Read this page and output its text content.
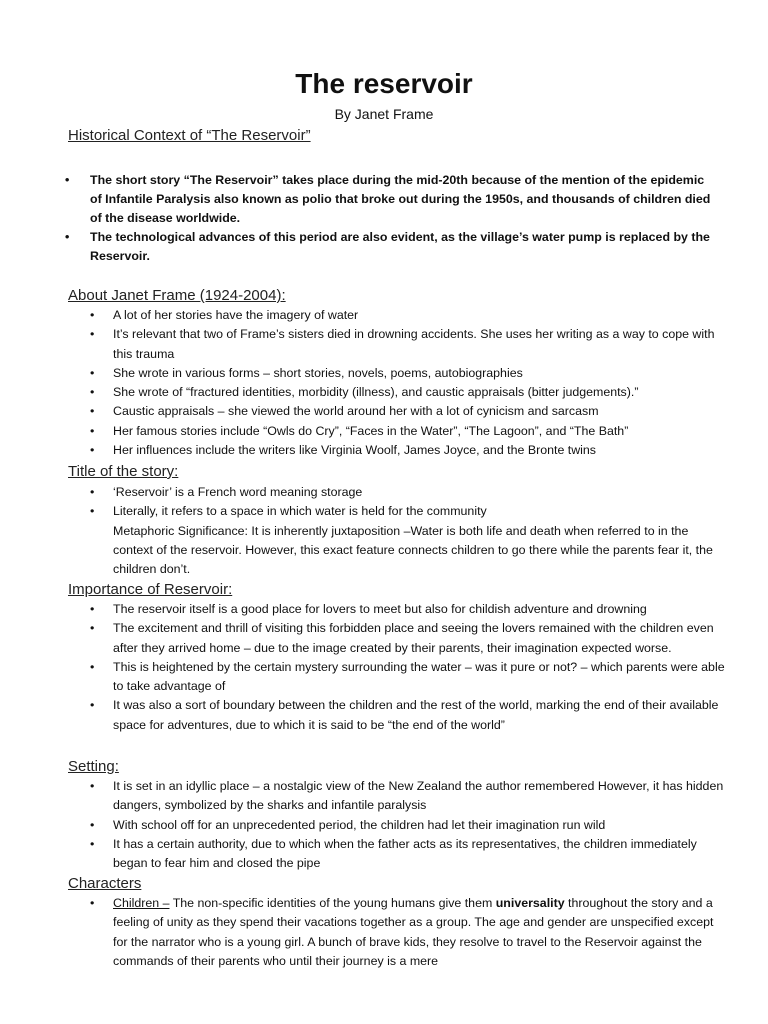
The reservoir
By Janet Frame
Historical Context of “The Reservoir”
• The short story “The Reservoir” takes place during the mid-20th because of the mention of the epidemic of Infantile Paralysis also known as polio that broke out during the 1950s, and thousands of children died of the disease worldwide.
• The technological advances of this period are also evident, as the village’s water pump is replaced by the Reservoir.
About Janet Frame (1924-2004):
• A lot of her stories have the imagery of water
• It’s relevant that two of Frame’s sisters died in drowning accidents. She uses her writing as a way to cope with this trauma
• She wrote in various forms – short stories, novels, poems, autobiographies
• She wrote of “fractured identities, morbidity (illness), and caustic appraisals (bitter judgements).”
• Caustic appraisals – she viewed the world around her with a lot of cynicism and sarcasm
• Her famous stories include “Owls do Cry”, “Faces in the Water”, “The Lagoon”, and “The Bath”
• Her influences include the writers like Virginia Woolf, James Joyce, and the Bronte twins
Title of the story:
• ‘Reservoir’ is a French word meaning storage
• Literally, it refers to a space in which water is held for the community
Metaphoric Significance: It is inherently juxtaposition –Water is both life and death when referred to in the context of the reservoir. However, this exact feature connects children to go there while the parents fear it, the children don’t.
Importance of Reservoir:
• The reservoir itself is a good place for lovers to meet but also for childish adventure and drowning
• The excitement and thrill of visiting this forbidden place and seeing the lovers remained with the children even after they arrived home – due to the image created by their parents, their imagination expected worse.
• This is heightened by the certain mystery surrounding the water – was it pure or not? – which parents were able to take advantage of
• It was also a sort of boundary between the children and the rest of the world, marking the end of their available space for adventures, due to which it is said to be “the end of the world”
Setting:
• It is set in an idyllic place – a nostalgic view of the New Zealand the author remembered However, it has hidden dangers, symbolized by the sharks and infantile paralysis
• With school off for an unprecedented period, the children had let their imagination run wild
• It has a certain authority, due to which when the father acts as its representatives, the children immediately began to fear him and closed the pipe
Characters
• Children – The non-specific identities of the young humans give them universality throughout the story and a feeling of unity as they spend their vacations together as a group. The age and gender are unspecified except for the narrator who is a young girl. A bunch of brave kids, they resolve to travel to the Reservoir against the commands of their parents who until their journey is a mere
